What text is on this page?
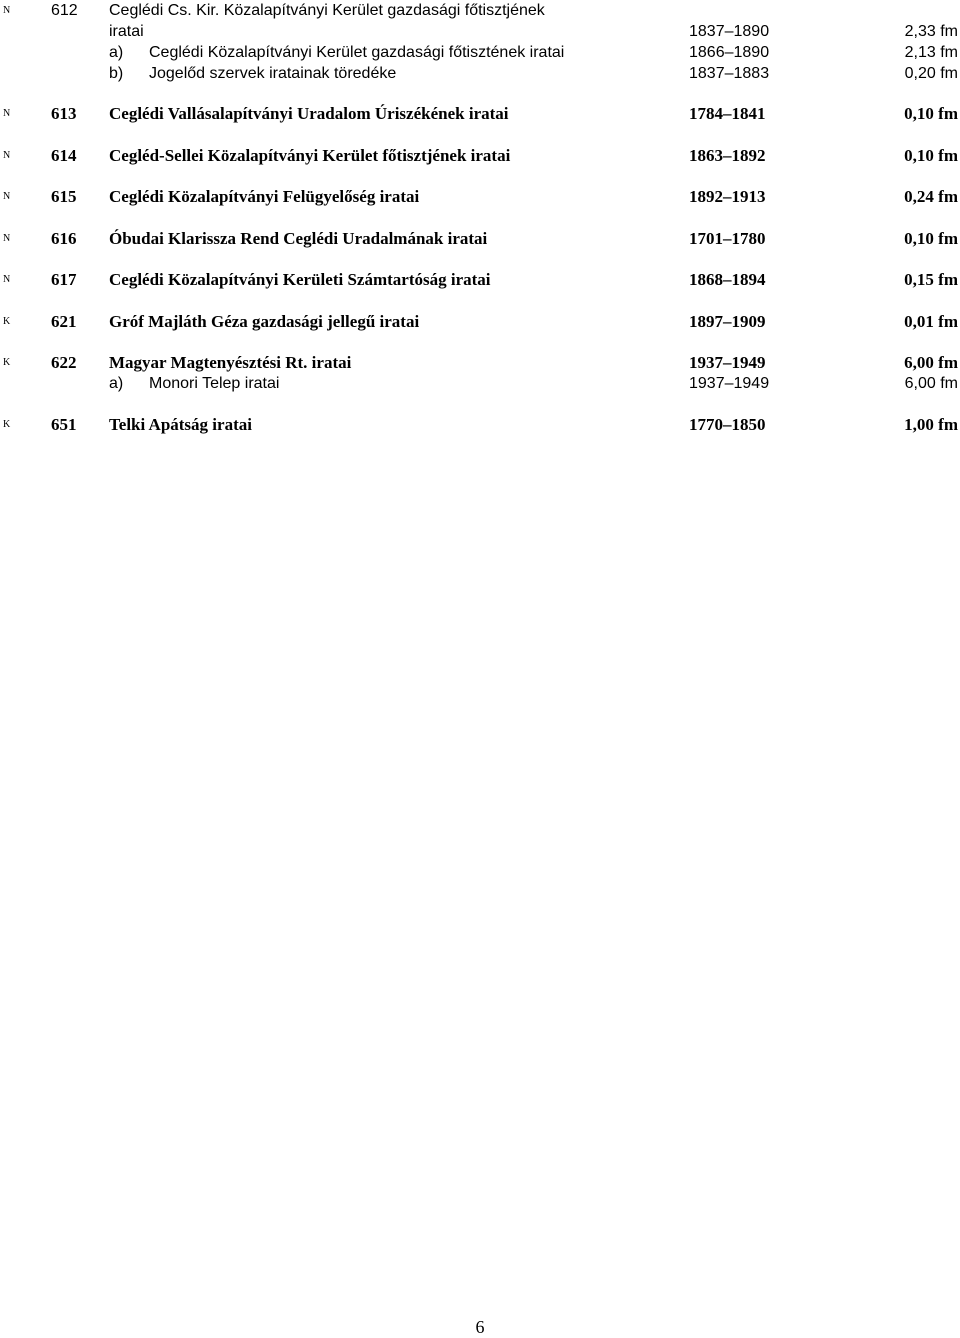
N	612 Ceglédi Cs. Kir. Közalapítványi Kerület gazdasági főtisztjének
iratai	1837–1890	2,33 fm
a) Ceglédi Közalapítványi Kerület gazdasági főtisztének iratai	1866–1890	2,13 fm
b) Jogelőd szervek iratainak töredéke	1837–1883	0,20 fm
N 613 Ceglédi Vallásalapítványi Uradalom Úriszékének iratai	1784–1841	0,10 fm
N 614 Cegléd-Sellei Közalapítványi Kerület főtisztjének iratai	1863–1892	0,10 fm
N 615 Ceglédi Közalapítványi Felügyelőség iratai	1892–1913	0,24 fm
N 616 Óbudai Klarissza Rend Ceglédi Uradalmának iratai	1701–1780	0,10 fm
N 617 Ceglédi Közalapítványi Kerületi Számtartóság iratai	1868–1894	0,15 fm
K 621 Gróf Majláth Géza gazdasági jellegű iratai	1897–1909	0,01 fm
K 622 Magyar Magtenyésztési Rt. iratai	1937–1949	6,00 fm
a) Monori Telep iratai	1937–1949	6,00 fm
K 651 Telki Apátság iratai	1770–1850	1,00 fm
6
